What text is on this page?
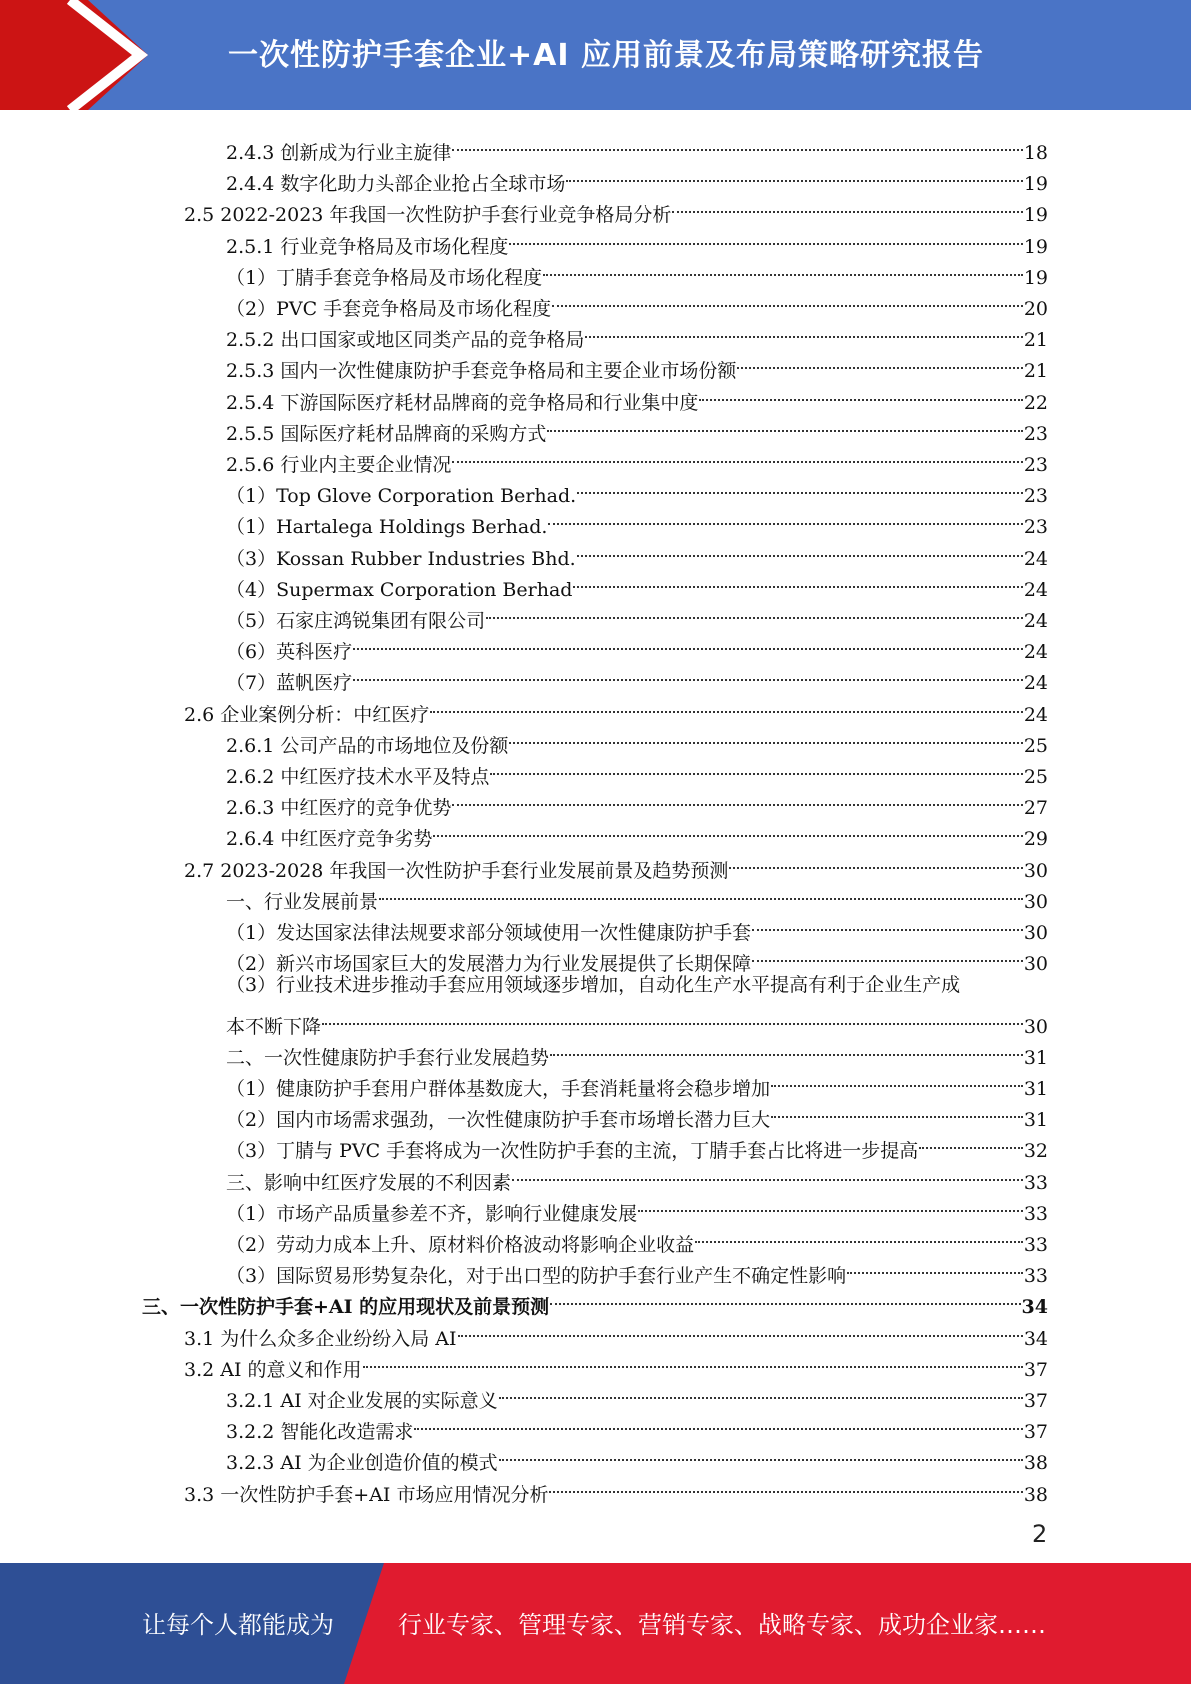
一次性防护手套企业+AI 应用前景及布局策略研究报告
2.4.3 创新成为行业主旋律	18
2.4.4 数字化助力头部企业抢占全球市场	19
2.5 2022-2023 年我国一次性防护手套行业竞争格局分析	19
2.5.1 行业竞争格局及市场化程度	19
（1）丁腈手套竞争格局及市场化程度	19
（2）PVC 手套竞争格局及市场化程度	20
2.5.2 出口国家或地区同类产品的竞争格局	21
2.5.3 国内一次性健康防护手套竞争格局和主要企业市场份额	21
2.5.4 下游国际医疗耗材品牌商的竞争格局和行业集中度	22
2.5.5 国际医疗耗材品牌商的采购方式	23
2.5.6 行业内主要企业情况	23
（1）Top Glove Corporation Berhad.	23
（1）Hartalega Holdings Berhad.	23
（3）Kossan Rubber Industries Bhd.	24
（4）Supermax Corporation Berhad	24
（5）石家庄鸿锐集团有限公司	24
（6）英科医疗	24
（7）蓝帆医疗	24
2.6 企业案例分析：中红医疗	24
2.6.1 公司产品的市场地位及份额	25
2.6.2 中红医疗技术水平及特点	25
2.6.3 中红医疗的竞争优势	27
2.6.4 中红医疗竞争劣势	29
2.7 2023-2028 年我国一次性防护手套行业发展前景及趋势预测	30
一、行业发展前景	30
（1）发达国家法律法规要求部分领域使用一次性健康防护手套	30
（2）新兴市场国家巨大的发展潜力为行业发展提供了长期保障	30
（3）行业技术进步推动手套应用领域逐步增加，自动化生产水平提高有利于企业生产成
本不断下降	30
二、一次性健康防护手套行业发展趋势	31
（1）健康防护手套用户群体基数庞大，手套消耗量将会稳步增加	31
（2）国内市场需求强劲，一次性健康防护手套市场增长潜力巨大	31
（3）丁腈与 PVC 手套将成为一次性防护手套的主流，丁腈手套占比将进一步提高	32
三、影响中红医疗发展的不利因素	33
（1）市场产品质量参差不齐，影响行业健康发展	33
（2）劳动力成本上升、原材料价格波动将影响企业收益	33
（3）国际贸易形势复杂化，对于出口型的防护手套行业产生不确定性影响	33
三、一次性防护手套+AI 的应用现状及前景预测	34
3.1 为什么众多企业纷纷入局 AI	34
3.2 AI 的意义和作用	37
3.2.1 AI 对企业发展的实际意义	37
3.2.2 智能化改造需求	37
3.2.3 AI 为企业创造价值的模式	38
3.3 一次性防护手套+AI 市场应用情况分析	38
2
让每个人都能成为	行业专家、管理专家、营销专家、战略专家、成功企业家……
